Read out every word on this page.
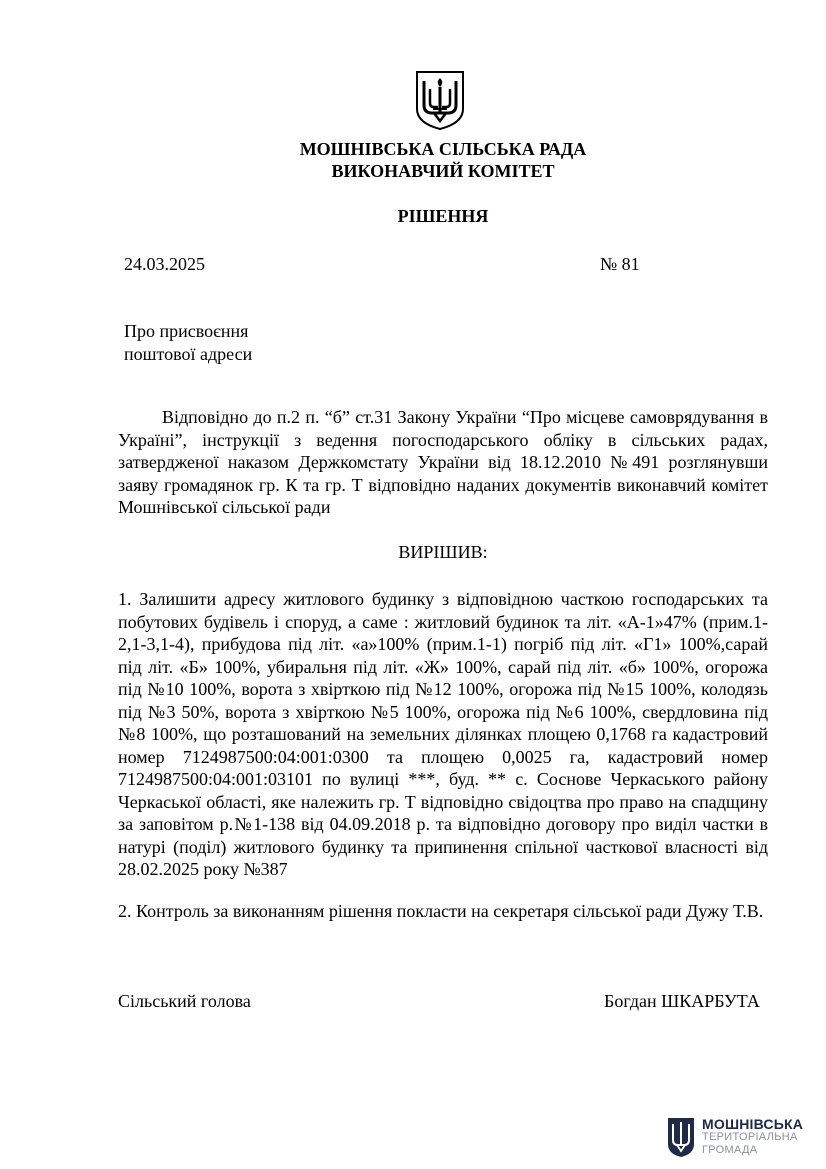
МОШНІВСЬКА СІЛЬСЬКА РАДА
ВИКОНАВЧИЙ КОМІТЕТ
РІШЕННЯ
24.03.2025	№ 81
Про присвоєння
поштової адреси
Відповідно до п.2 п. “б” ст.31 Закону України “Про місцеве самоврядування в Україні”, інструкції з ведення погосподарського обліку в сільських радах, затвердженої наказом Держкомстату України від 18.12.2010 №491 розглянувши заяву громадянок гр. К та гр. Т відповідно наданих документів виконавчий комітет Мошнівської сільської ради
ВИРІШИВ:
1. Залишити адресу житлового будинку з відповідною часткою господарських та побутових будівель і споруд, а саме : житловий будинок та літ. «А-1»47% (прим.1-2,1-3,1-4), прибудова під літ. «а»100% (прим.1-1) погріб під літ. «Г1» 100%,сарай під літ. «Б» 100%, убиральня під літ. «Ж» 100%, сарай під літ. «б» 100%, огорожа під №10 100%, ворота з хвірткою під №12 100%, огорожа під №15 100%, колодязь під №3 50%, ворота з хвірткою №5 100%, огорожа під №6 100%, свердловина під №8 100%, що розташований на земельних ділянках площею 0,1768 га кадастровий номер 7124987500:04:001:0300 та площею 0,0025 га, кадастровий номер 7124987500:04:001:03101 по вулиці ***, буд. ** с. Соснове Черкаського району Черкаської області, яке належить гр. Т відповідно свідоцтва про право на спадщину за заповітом р.№1-138 від 04.09.2018 р. та відповідно договору про виділ частки в натурі (поділ) житлового будинку та припинення спільної часткової власності від 28.02.2025 року №387
2. Контроль за виконанням рішення покласти на секретаря сільської ради Дужу Т.В.
Сільський голова	Богдан ШКАРБУТА
МОШНІВСЬКА
ТЕРИТОРІАЛЬНА
ГРОМАДА
